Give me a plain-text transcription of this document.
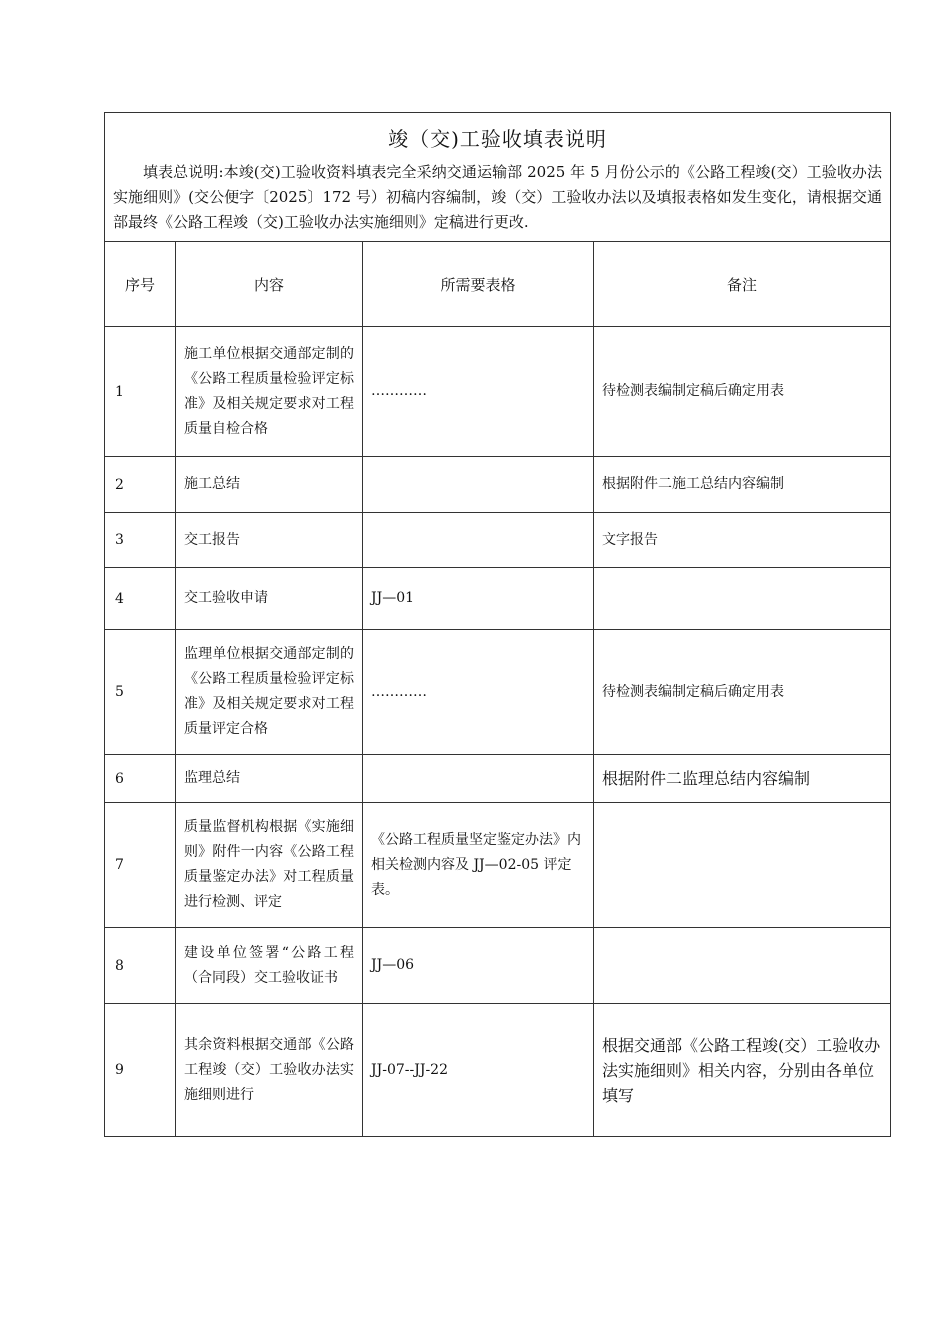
竣（交)工验收填表说明

填表总说明:本竣(交)工验收资料填表完全采纳交通运输部 2025 年 5 月份公示的《公路工程竣(交）工验收办法实施细则》(交公便字〔2025〕172 号）初稿内容编制，竣（交）工验收办法以及填报表格如发生变化，请根据交通部最终《公路工程竣（交)工验收办法实施细则》定稿进行更改.			

序号	内容	所需要表格	备注
1	施工单位根据交通部定制的《公路工程质量检验评定标准》及相关规定要求对工程质量自检合格	…………	待检测表编制定稿后确定用表
2	施工总结		根据附件二施工总结内容编制
3	交工报告		文字报告
4	交工验收申请	JJ—01	
5	监理单位根据交通部定制的《公路工程质量检验评定标准》及相关规定要求对工程质量评定合格	…………	待检测表编制定稿后确定用表
6	监理总结		根据附件二监理总结内容编制
7	质量监督机构根据《实施细则》附件一内容《公路工程质量鉴定办法》对工程质量进行检测、评定	《公路工程质量坚定鉴定办法》内相关检测内容及 JJ—02-05 评定表。	
8	建设单位签署“公路工程（合同段）交工验收证书	JJ—06	
9	其余资料根据交通部《公路工程竣（交）工验收办法实施细则进行	JJ-07--JJ-22	根据交通部《公路工程竣(交）工验收办法实施细则》相关内容，分别由各单位填写
